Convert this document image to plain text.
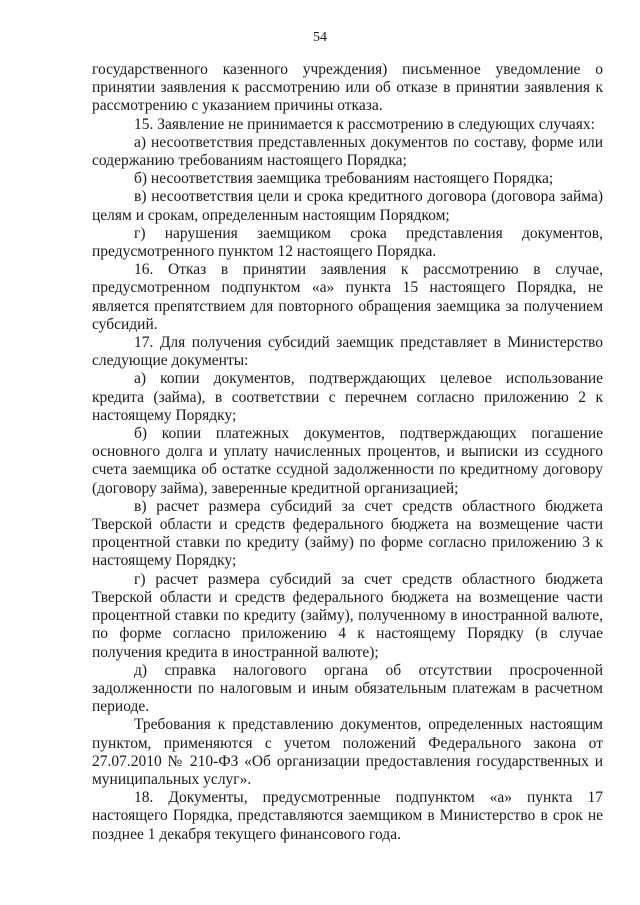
54

государственного казенного учреждения) письменное уведомление о принятии заявления к рассмотрению или об отказе в принятии заявления к рассмотрению с указанием причины отказа.

15. Заявление не принимается к рассмотрению в следующих случаях:

а) несоответствия представленных документов по составу, форме или содержанию требованиям настоящего Порядка;

б) несоответствия заемщика требованиям настоящего Порядка;

в) несоответствия цели и срока кредитного договора (договора займа) целям и срокам, определенным настоящим Порядком;

г) нарушения заемщиком срока представления документов, предусмотренного пунктом 12 настоящего Порядка.

16. Отказ в принятии заявления к рассмотрению в случае, предусмотренном подпунктом «а» пункта 15 настоящего Порядка, не является препятствием для повторного обращения заемщика за получением субсидий.

17. Для получения субсидий заемщик представляет в Министерство следующие документы:

а) копии документов, подтверждающих целевое использование кредита (займа), в соответствии с перечнем согласно приложению 2 к настоящему Порядку;

б) копии платежных документов, подтверждающих погашение основного долга и уплату начисленных процентов, и выписки из ссудного счета заемщика об остатке ссудной задолженности по кредитному договору (договору займа), заверенные кредитной организацией;

в) расчет размера субсидий за счет средств областного бюджета Тверской области и средств федерального бюджета на возмещение части процентной ставки по кредиту (займу) по форме согласно приложению 3 к настоящему Порядку;

г) расчет размера субсидий за счет средств областного бюджета Тверской области и средств федерального бюджета на возмещение части процентной ставки по кредиту (займу), полученному в иностранной валюте, по форме согласно приложению 4 к настоящему Порядку (в случае получения кредита в иностранной валюте);

д) справка налогового органа об отсутствии просроченной задолженности по налоговым и иным обязательным платежам в расчетном периоде.

Требования к представлению документов, определенных настоящим пунктом, применяются с учетом положений Федерального закона от 27.07.2010 № 210-ФЗ «Об организации предоставления государственных и муниципальных услуг».

18. Документы, предусмотренные подпунктом «а» пункта 17 настоящего Порядка, представляются заемщиком в Министерство в срок не позднее 1 декабря текущего финансового года.
